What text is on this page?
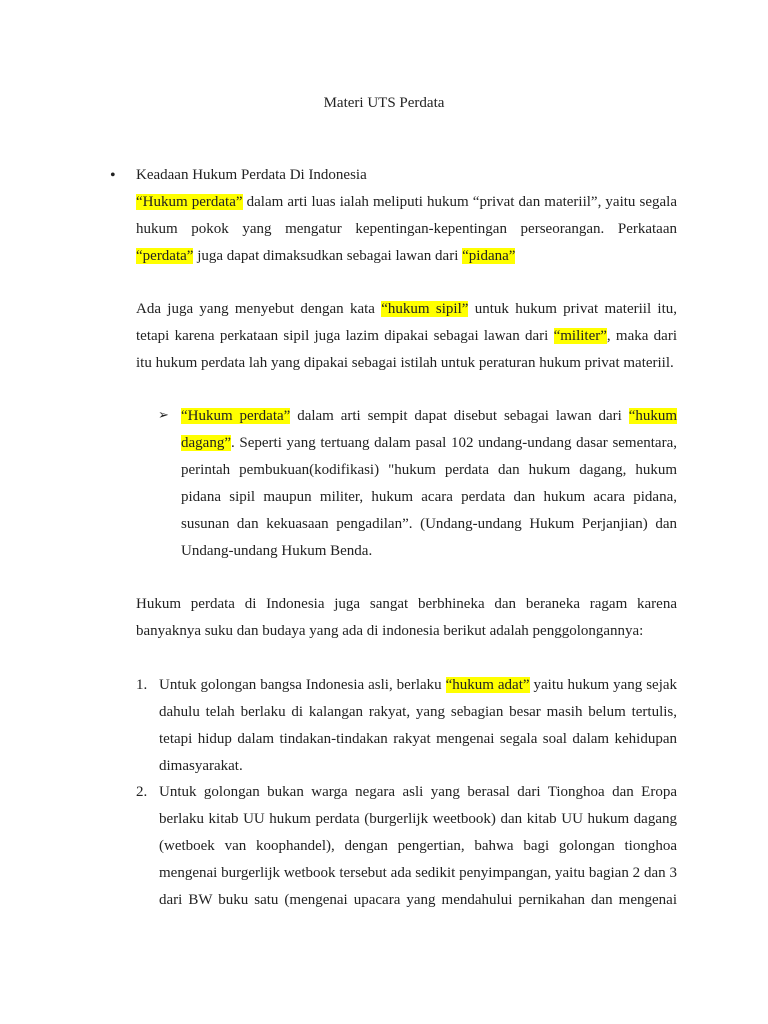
Materi UTS Perdata
• Keadaan Hukum Perdata Di Indonesia

“Hukum perdata” dalam arti luas ialah meliputi hukum “privat dan materiil”, yaitu segala hukum pokok yang mengatur kepentingan-kepentingan perseorangan. Perkataan “perdata” juga dapat dimaksudkan sebagai lawan dari “pidana”

Ada juga yang menyebut dengan kata “hukum sipil” untuk hukum privat materiil itu, tetapi karena perkataan sipil juga lazim dipakai sebagai lawan dari “militer”, maka dari itu hukum perdata lah yang dipakai sebagai istilah untuk peraturan hukum privat materiil.

➢ “Hukum perdata” dalam arti sempit dapat disebut sebagai lawan dari “hukum dagang”. Seperti yang tertuang dalam pasal 102 undang-undang dasar sementara, perintah pembukuan(kodifikasi) "hukum perdata dan hukum dagang, hukum pidana sipil maupun militer, hukum acara perdata dan hukum acara pidana, susunan dan kekuasaan pengadilan”. (Undang-undang Hukum Perjanjian) dan Undang-undang Hukum Benda.

Hukum perdata di Indonesia juga sangat berbhineka dan beraneka ragam karena banyaknya suku dan budaya yang ada di indonesia berikut adalah penggolongannya:

1. Untuk golongan bangsa Indonesia asli, berlaku “hukum adat” yaitu hukum yang sejak dahulu telah berlaku di kalangan rakyat, yang sebagian besar masih belum tertulis, tetapi hidup dalam tindakan-tindakan rakyat mengenai segala soal dalam kehidupan dimasyarakat.

2. Untuk golongan bukan warga negara asli yang berasal dari Tionghoa dan Eropa berlaku kitab UU hukum perdata (burgerlijk weetbook) dan kitab UU hukum dagang (wetboek van koophandel), dengan pengertian, bahwa bagi golongan tionghoa mengenai burgerlijk wetbook tersebut ada sedikit penyimpangan, yaitu bagian 2 dan 3 dari BW buku satu (mengenai upacara yang mendahului pernikahan dan mengenai
